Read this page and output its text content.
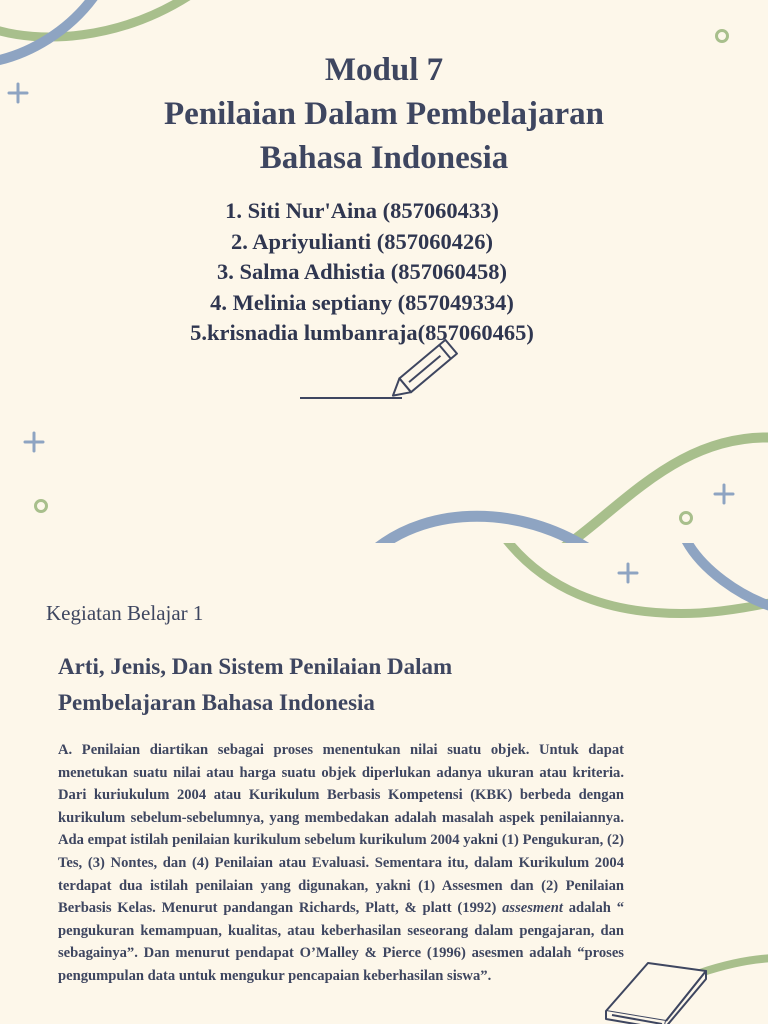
Modul 7
Penilaian Dalam Pembelajaran
Bahasa Indonesia
1. Siti Nur'Aina (857060433)
2. Apriyulianti (857060426)
3. Salma Adhistia (857060458)
4. Melinia septiany (857049334)
5.krisnadia lumbanraja(857060465)

Kegiatan Belajar 1

Arti, Jenis, Dan Sistem Penilaian Dalam
Pembelajaran Bahasa Indonesia

A. Penilaian diartikan sebagai proses menentukan nilai suatu objek. Untuk dapat menetukan suatu nilai atau harga suatu objek diperlukan adanya ukuran atau kriteria. Dari kuriukulum 2004 atau Kurikulum Berbasis Kompetensi (KBK) berbeda dengan kurikulum sebelum-sebelumnya, yang membedakan adalah masalah aspek penilaiannya. Ada empat istilah penilaian kurikulum sebelum kurikulum 2004 yakni (1) Pengukuran, (2) Tes, (3) Nontes, dan (4) Penilaian atau Evaluasi. Sementara itu, dalam Kurikulum 2004 terdapat dua istilah penilaian yang digunakan, yakni (1) Assesmen dan (2) Penilaian Berbasis Kelas. Menurut pandangan Richards, Platt, & platt (1992) assesment adalah “ pengukuran kemampuan, kualitas, atau keberhasilan seseorang dalam pengajaran, dan sebagainya”. Dan menurut pendapat O’Malley & Pierce (1996) asesmen adalah “proses pengumpulan data untuk mengukur pencapaian keberhasilan siswa”.
